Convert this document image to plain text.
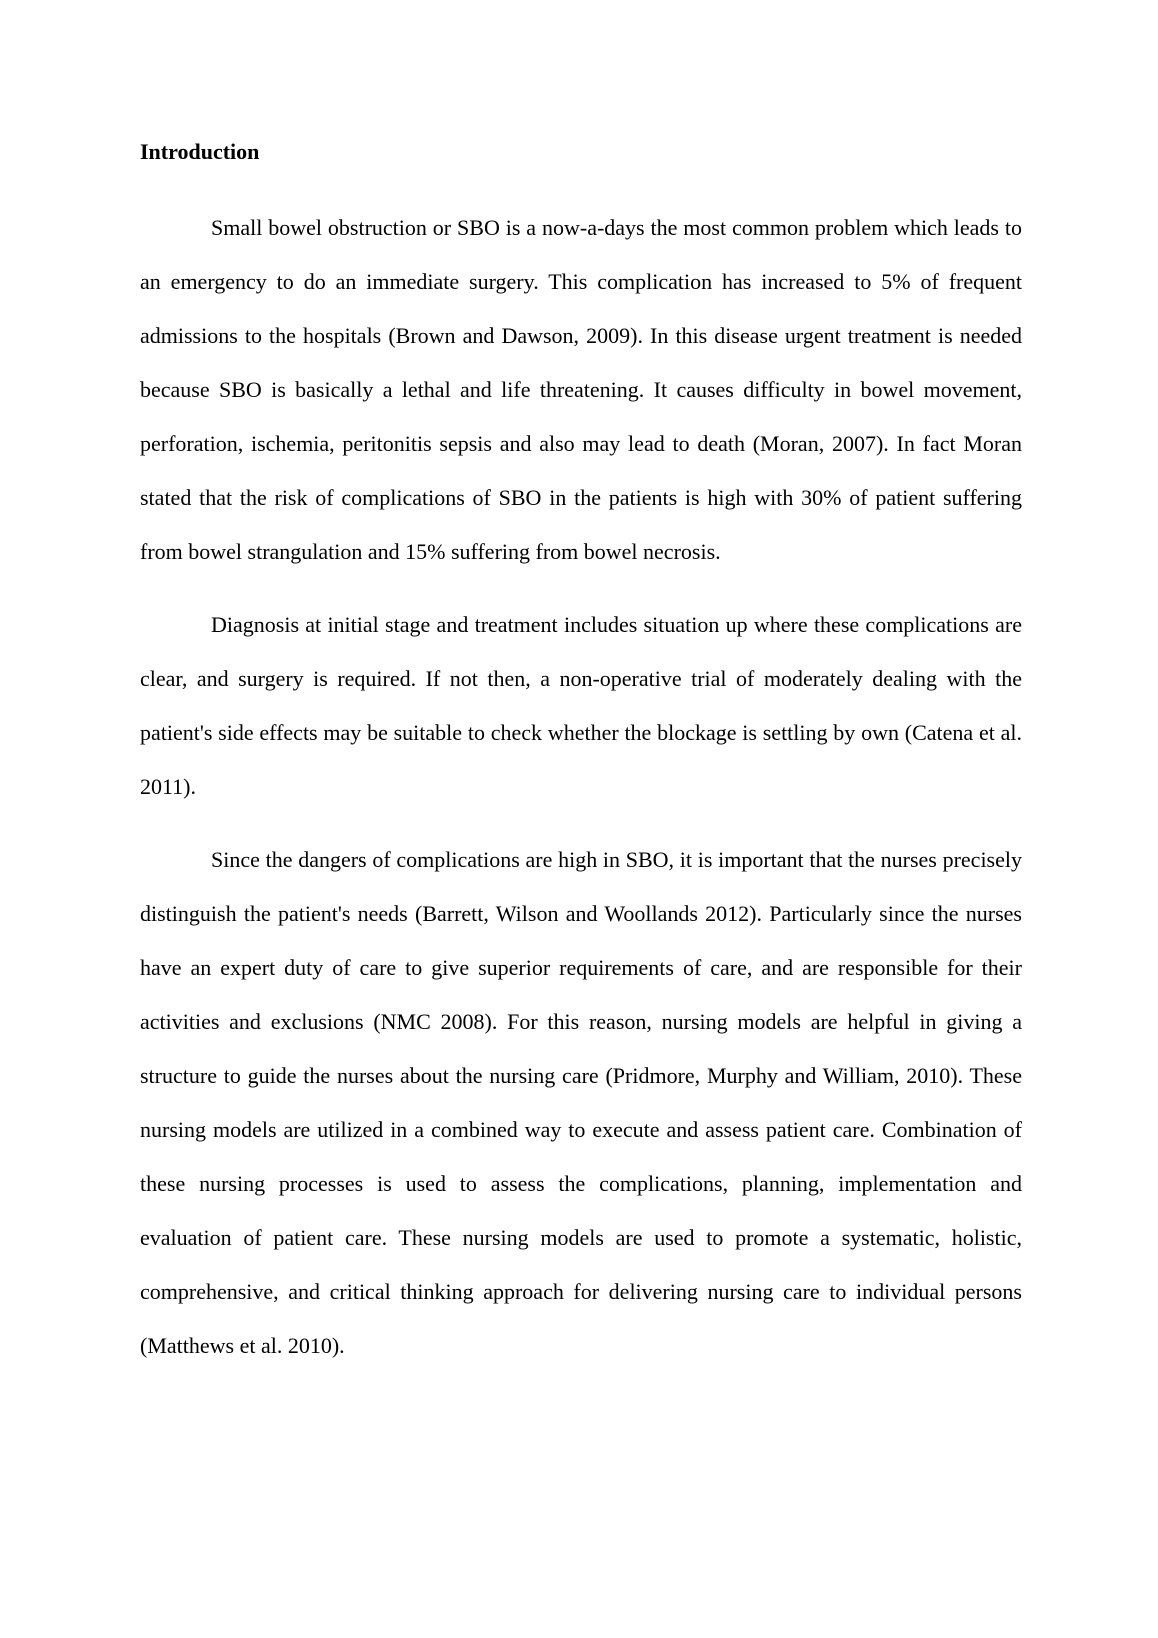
Introduction

Small bowel obstruction or SBO is a now-a-days the most common problem which leads to an emergency to do an immediate surgery. This complication has increased to 5% of frequent admissions to the hospitals (Brown and Dawson, 2009). In this disease urgent treatment is needed because SBO is basically a lethal and life threatening. It causes difficulty in bowel movement, perforation, ischemia, peritonitis sepsis and also may lead to death (Moran, 2007). In fact Moran stated that the risk of complications of SBO in the patients is high with 30% of patient suffering from bowel strangulation and 15% suffering from bowel necrosis.

Diagnosis at initial stage and treatment includes situation up where these complications are clear, and surgery is required. If not then, a non-operative trial of moderately dealing with the patient's side effects may be suitable to check whether the blockage is settling by own (Catena et al. 2011).

Since the dangers of complications are high in SBO, it is important that the nurses precisely distinguish the patient's needs (Barrett, Wilson and Woollands 2012). Particularly since the nurses have an expert duty of care to give superior requirements of care, and are responsible for their activities and exclusions (NMC 2008). For this reason, nursing models are helpful in giving a structure to guide the nurses about the nursing care (Pridmore, Murphy and William, 2010). These nursing models are utilized in a combined way to execute and assess patient care. Combination of these nursing processes is used to assess the complications, planning, implementation and evaluation of patient care. These nursing models are used to promote a systematic, holistic, comprehensive, and critical thinking approach for delivering nursing care to individual persons (Matthews et al. 2010).
